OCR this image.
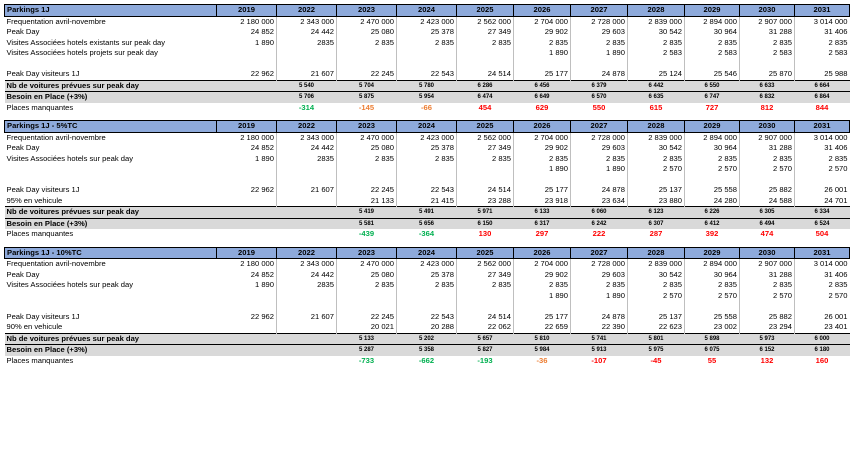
Parkings 1J	2019	2022	2023	2024	2025	2026	2027	2028	2029	2030	2031
Frequentation avril-novembre	2 180 000	2 343 000	2 470 000	2 423 000	2 562 000	2 704 000	2 728 000	2 839 000	2 894 000	2 907 000	3 014 000
Peak Day	24 852	24 442	25 080	25 378	27 349	29 902	29 603	30 542	30 964	31 288	31 406
Visites Associées hotels existants sur peak day	1 890	2835	2 835	2 835	2 835	2 835	2 835	2 835	2 835	2 835	2 835
Visites Associées hotels projets sur peak day						1 890	1 890	2 583	2 583	2 583	2 583

Peak Day visiteurs 1J	22 962	21 607	22 245	22 543	24 514	25 177	24 878	25 124	25 546	25 870	25 988
Nb de voitures prévues sur peak day		5 540	5 704	5 780	6 286	6 456	6 379	6 442	6 550	6 633	6 664
Besoin en Place (+3%)		5 706	5 875	5 954	6 474	6 649	6 570	6 635	6 747	6 832	6 864
Places manquantes		-314	-145	-66	454	629	550	615	727	812	844

Parkings 1J - 5%TC	2019	2022	2023	2024	2025	2026	2027	2028	2029	2030	2031
Frequentation avril-novembre	2 180 000	2 343 000	2 470 000	2 423 000	2 562 000	2 704 000	2 728 000	2 839 000	2 894 000	2 907 000	3 014 000
Peak Day	24 852	24 442	25 080	25 378	27 349	29 902	29 603	30 542	30 964	31 288	31 406
Visites Associées hotels sur peak day	1 890	2835	2 835	2 835	2 835	2 835	2 835	2 835	2 835	2 835	2 835
						1 890	1 890	2 570	2 570	2 570	2 570

Peak Day visiteurs 1J	22 962	21 607	22 245	22 543	24 514	25 177	24 878	25 137	25 558	25 882	26 001
95% en vehicule			21 133	21 415	23 288	23 918	23 634	23 880	24 280	24 588	24 701
Nb de voitures prévues sur peak day			5 419	5 491	5 971	6 133	6 060	6 123	6 226	6 305	6 334
Besoin en Place (+3%)			5 581	5 656	6 150	6 317	6 242	6 307	6 412	6 494	6 524
Places manquantes			-439	-364	130	297	222	287	392	474	504

Parkings 1J - 10%TC	2019	2022	2023	2024	2025	2026	2027	2028	2029	2030	2031
Frequentation avril-novembre	2 180 000	2 343 000	2 470 000	2 423 000	2 562 000	2 704 000	2 728 000	2 839 000	2 894 000	2 907 000	3 014 000
Peak Day	24 852	24 442	25 080	25 378	27 349	29 902	29 603	30 542	30 964	31 288	31 406
Visites Associées hotels sur peak day	1 890	2835	2 835	2 835	2 835	2 835	2 835	2 835	2 835	2 835	2 835
						1 890	1 890	2 570	2 570	2 570	2 570

Peak Day visiteurs 1J	22 962	21 607	22 245	22 543	24 514	25 177	24 878	25 137	25 558	25 882	26 001
90% en vehicule			20 021	20 288	22 062	22 659	22 390	22 623	23 002	23 294	23 401
Nb de voitures prévues sur peak day			5 133	5 202	5 657	5 810	5 741	5 801	5 898	5 973	6 000
Besoin en Place (+3%)			5 287	5 358	5 827	5 984	5 913	5 975	6 075	6 152	6 180
Places manquantes			-733	-662	-193	-36	-107	-45	55	132	160
